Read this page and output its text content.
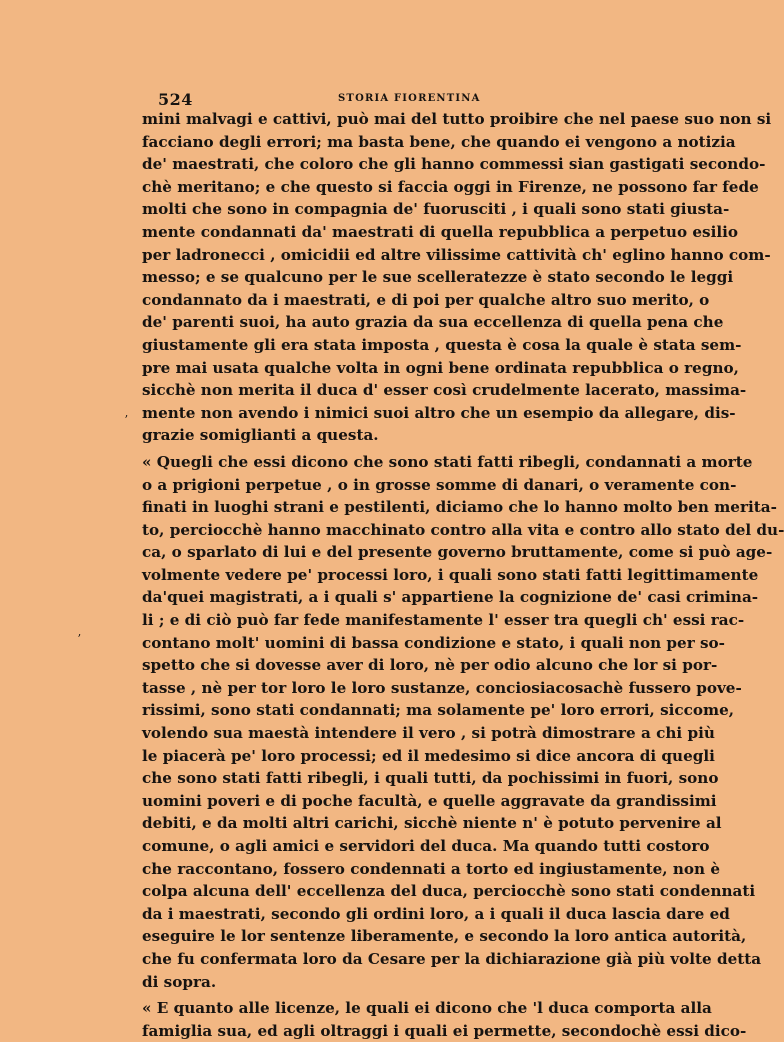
524	STORIA FIORENTINA
mini malvagi e cattivi, può mai del tutto proibire che nel paese suo non si
facciano degli errori; ma basta bene, che quando ei vengono a notizia
de' maestrati, che coloro che gli hanno commessi sian gastigati secondo-
chè meritano; e che questo si faccia oggi in Firenze, ne possono far fede
molti che sono in compagnia de' fuorusciti , i quali sono stati giusta-
mente condannati da' maestrati di quella repubblica a perpetuo esilio
per ladronecci , omicidii ed altre vilissime cattività ch' eglino hanno com-
messo; e se qualcuno per le sue scelleratezze è stato secondo le leggi
condannato da i maestrati, e di poi per qualche altro suo merito, o
de' parenti suoi, ha auto grazia da sua eccellenza di quella pena che
giustamente gli era stata imposta , questa è cosa la quale è stata sem-
pre mai usata qualche volta in ogni bene ordinata repubblica o regno,
sicchè non merita il duca d' esser così crudelmente lacerato, massima-
mente non avendo i nimici suoi altro che un esempio da allegare, dis-
grazie somiglianti a questa.
« Quegli che essi dicono che sono stati fatti ribegli, condannati a morte
o a prigioni perpetue , o in grosse somme di danari, o veramente con-
finati in luoghi strani e pestilenti, diciamo che lo hanno molto ben merita-
to, perciocchè hanno macchinato contro alla vita e contro allo stato del du-
ca, o sparlato di lui e del presente governo bruttamente, come si può age-
volmente vedere pe' processi loro, i quali sono stati fatti legittimamente
da'quei magistrati, a i quali s' appartiene la cognizione de' casi crimina-
li ; e di ciò può far fede manifestamente l' esser tra quegli ch' essi rac-
contano molt' uomini di bassa condizione e stato, i quali non per so-
spetto che si dovesse aver di loro, nè per odio alcuno che lor si por-
tasse , nè per tor loro le loro sustanze, conciosiacosachè fussero pove-
rissimi, sono stati condannati; ma solamente pe' loro errori, siccome,
volendo sua maestà intendere il vero , si potrà dimostrare a chi più
le piacerà pe' loro processi; ed il medesimo si dice ancora di quegli
che sono stati fatti ribegli, i quali tutti, da pochissimi in fuori, sono
uomini poveri e di poche facultà, e quelle aggravate da grandissimi
debiti, e da molti altri carichi, sicchè niente n' è potuto pervenire al
comune, o agli amici e servidori del duca. Ma quando tutti costoro
che raccontano, fossero condennati a torto ed ingiustamente, non è
colpa alcuna dell' eccellenza del duca, perciocchè sono stati condennati
da i maestrati, secondo gli ordini loro, a i quali il duca lascia dare ed
eseguire le lor sentenze liberamente, e secondo la loro antica autorità,
che fu confermata loro da Cesare per la dichiarazione già più volte detta
di sopra.
« E quanto alle licenze, le quali ei dicono che 'l duca comporta alla
famiglia sua, ed agli oltraggi i quali ei permette, secondochè essi dico-
ʼ
ʼ
